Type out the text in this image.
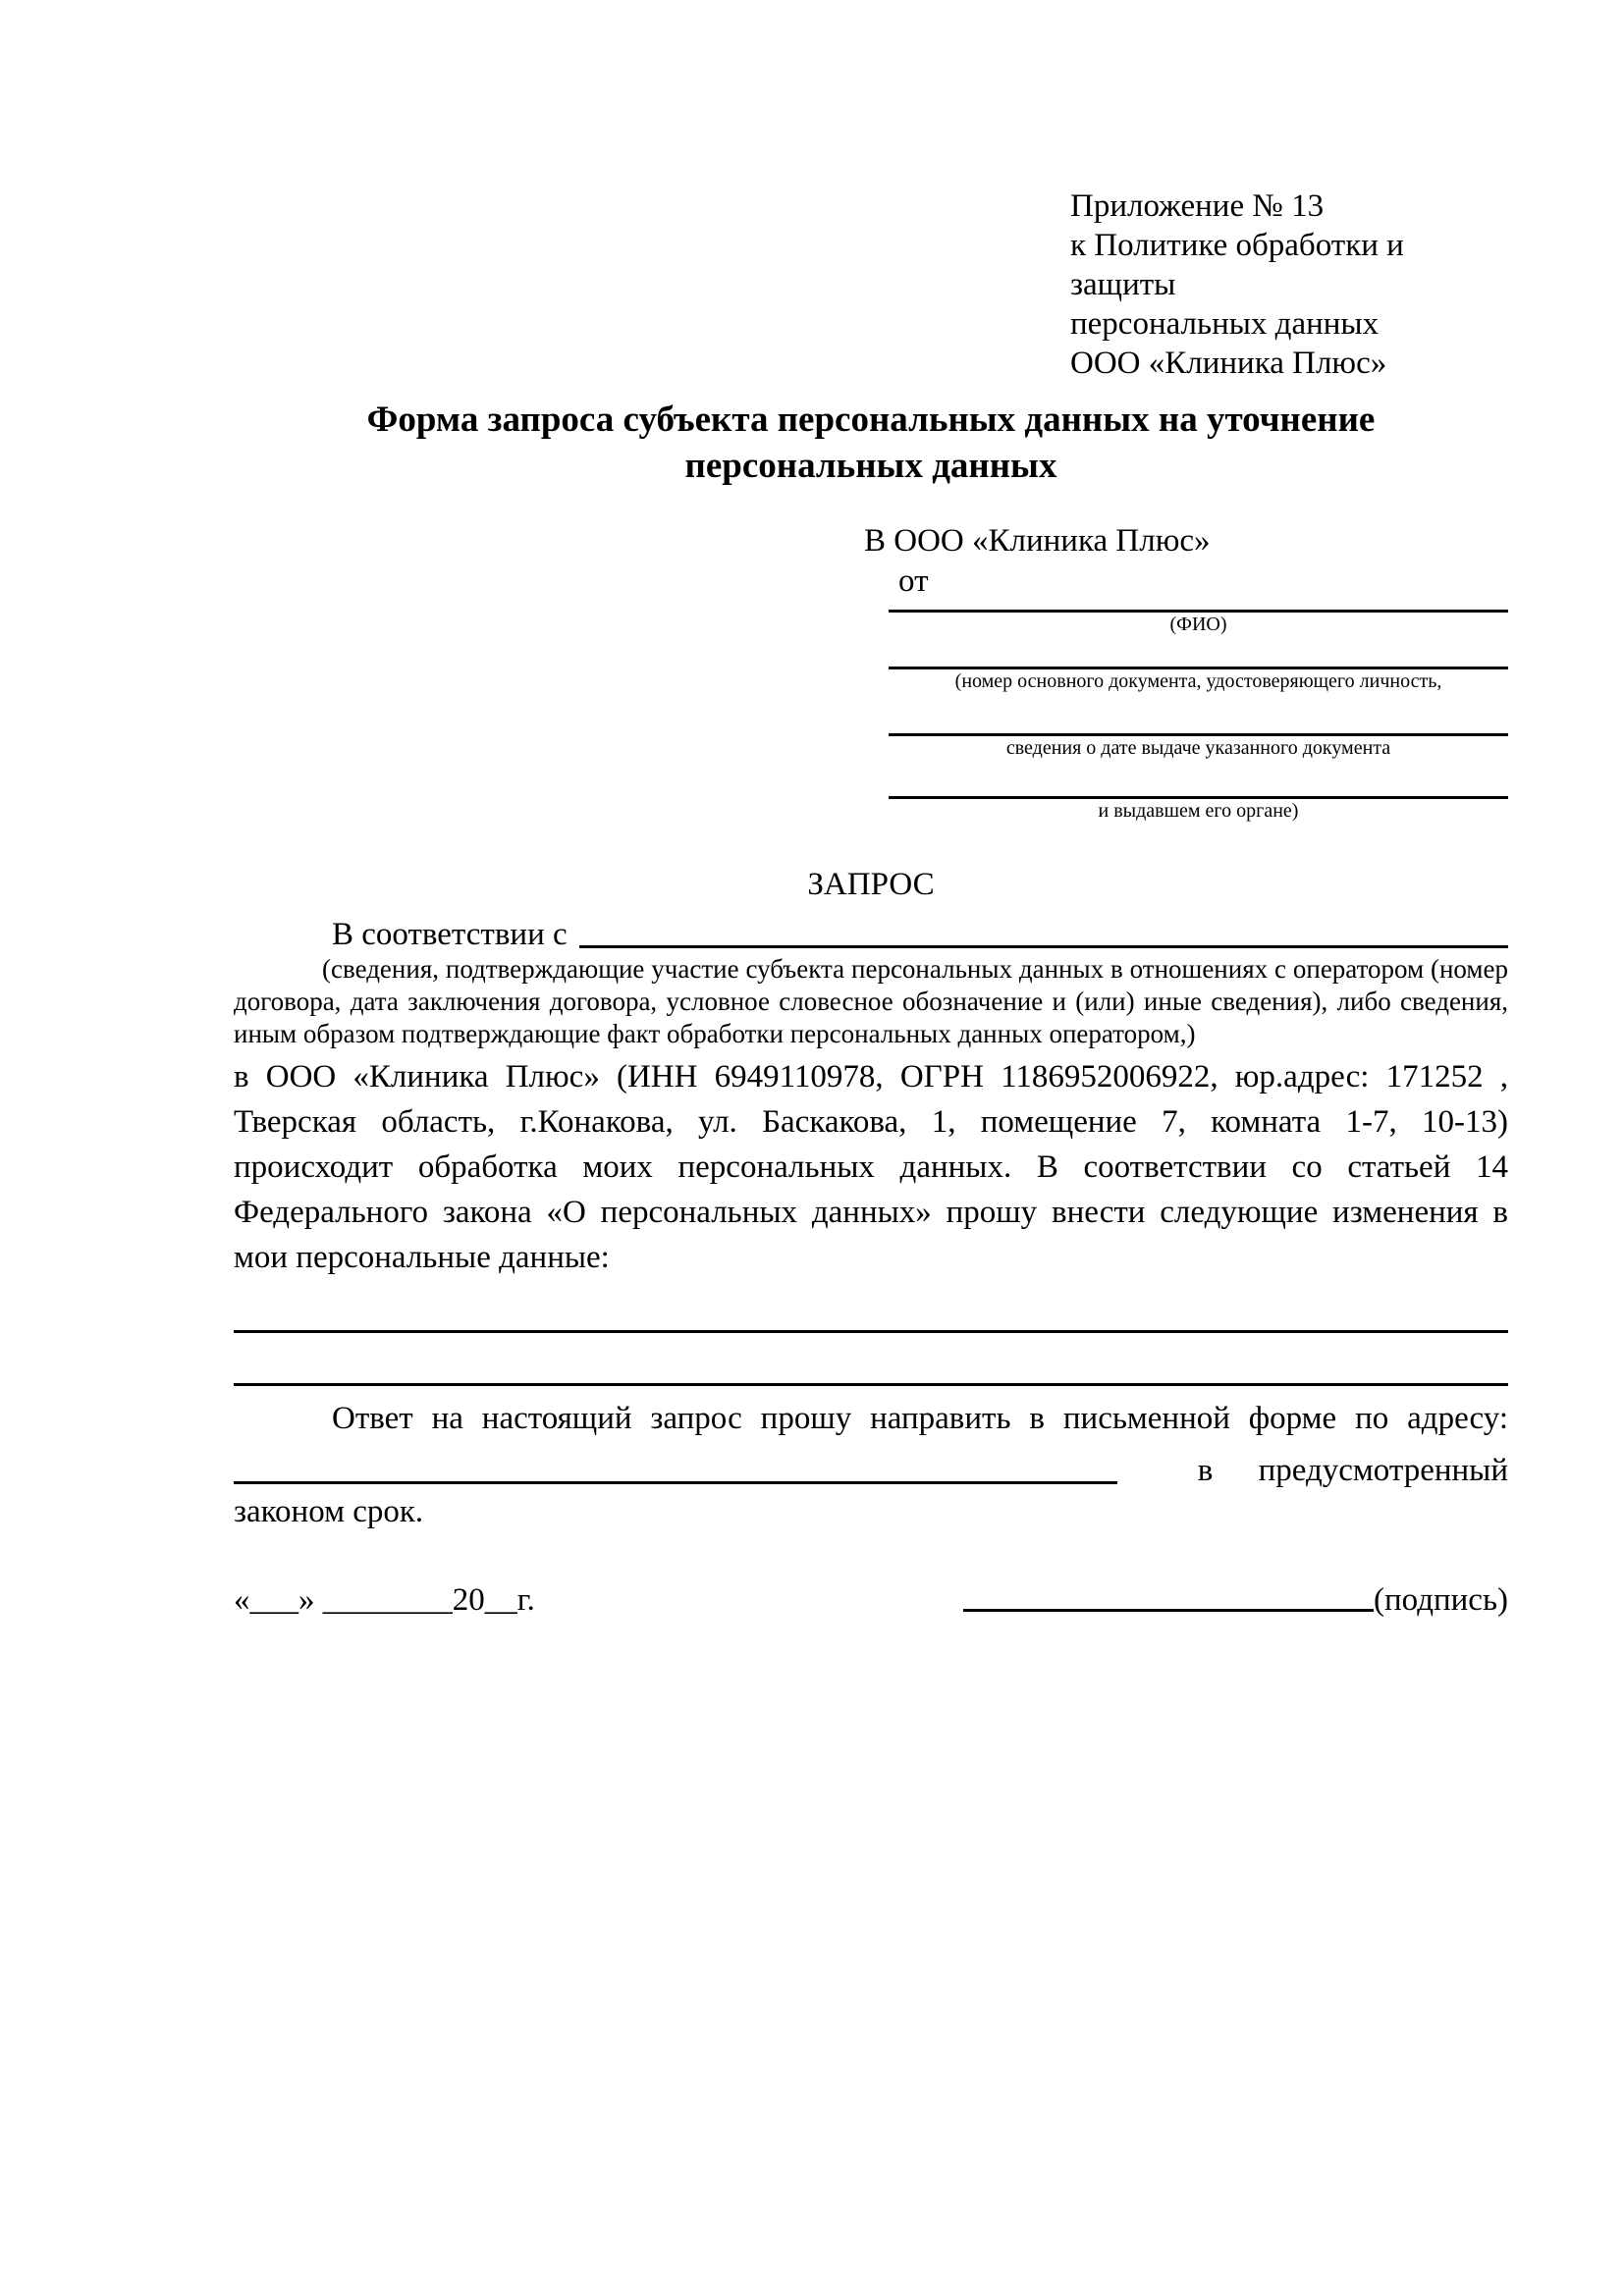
Приложение № 13
к Политике обработки и защиты
персональных данных
ООО «Клиника Плюс»
Форма запроса субъекта персональных данных на уточнение персональных данных
В ООО «Клиника Плюс»
от
(ФИО)
(номер основного документа, удостоверяющего личность,
сведения о дате выдаче указанного документа
и выдавшем его органе)
ЗАПРОС
В соответствии с
(сведения, подтверждающие участие субъекта персональных данных в отношениях с оператором (номер договора, дата заключения договора, условное словесное обозначение и (или) иные сведения), либо сведения, иным образом подтверждающие факт обработки персональных данных оператором,)
в ООО «Клиника Плюс» (ИНН 6949110978, ОГРН 1186952006922, юр.адрес: 171252 , Тверская область, г.Конакова, ул. Баскакова, 1, помещение 7, комната 1-7, 10-13) происходит обработка моих персональных данных. В соответствии со статьей 14 Федерального закона «О персональных данных» прошу внести следующие изменения в мои персональные данные:
Ответ на настоящий запрос прошу направить в письменной форме по адресу:
в предусмотренный
законом срок.
«___» ________20__г.	(подпись)
